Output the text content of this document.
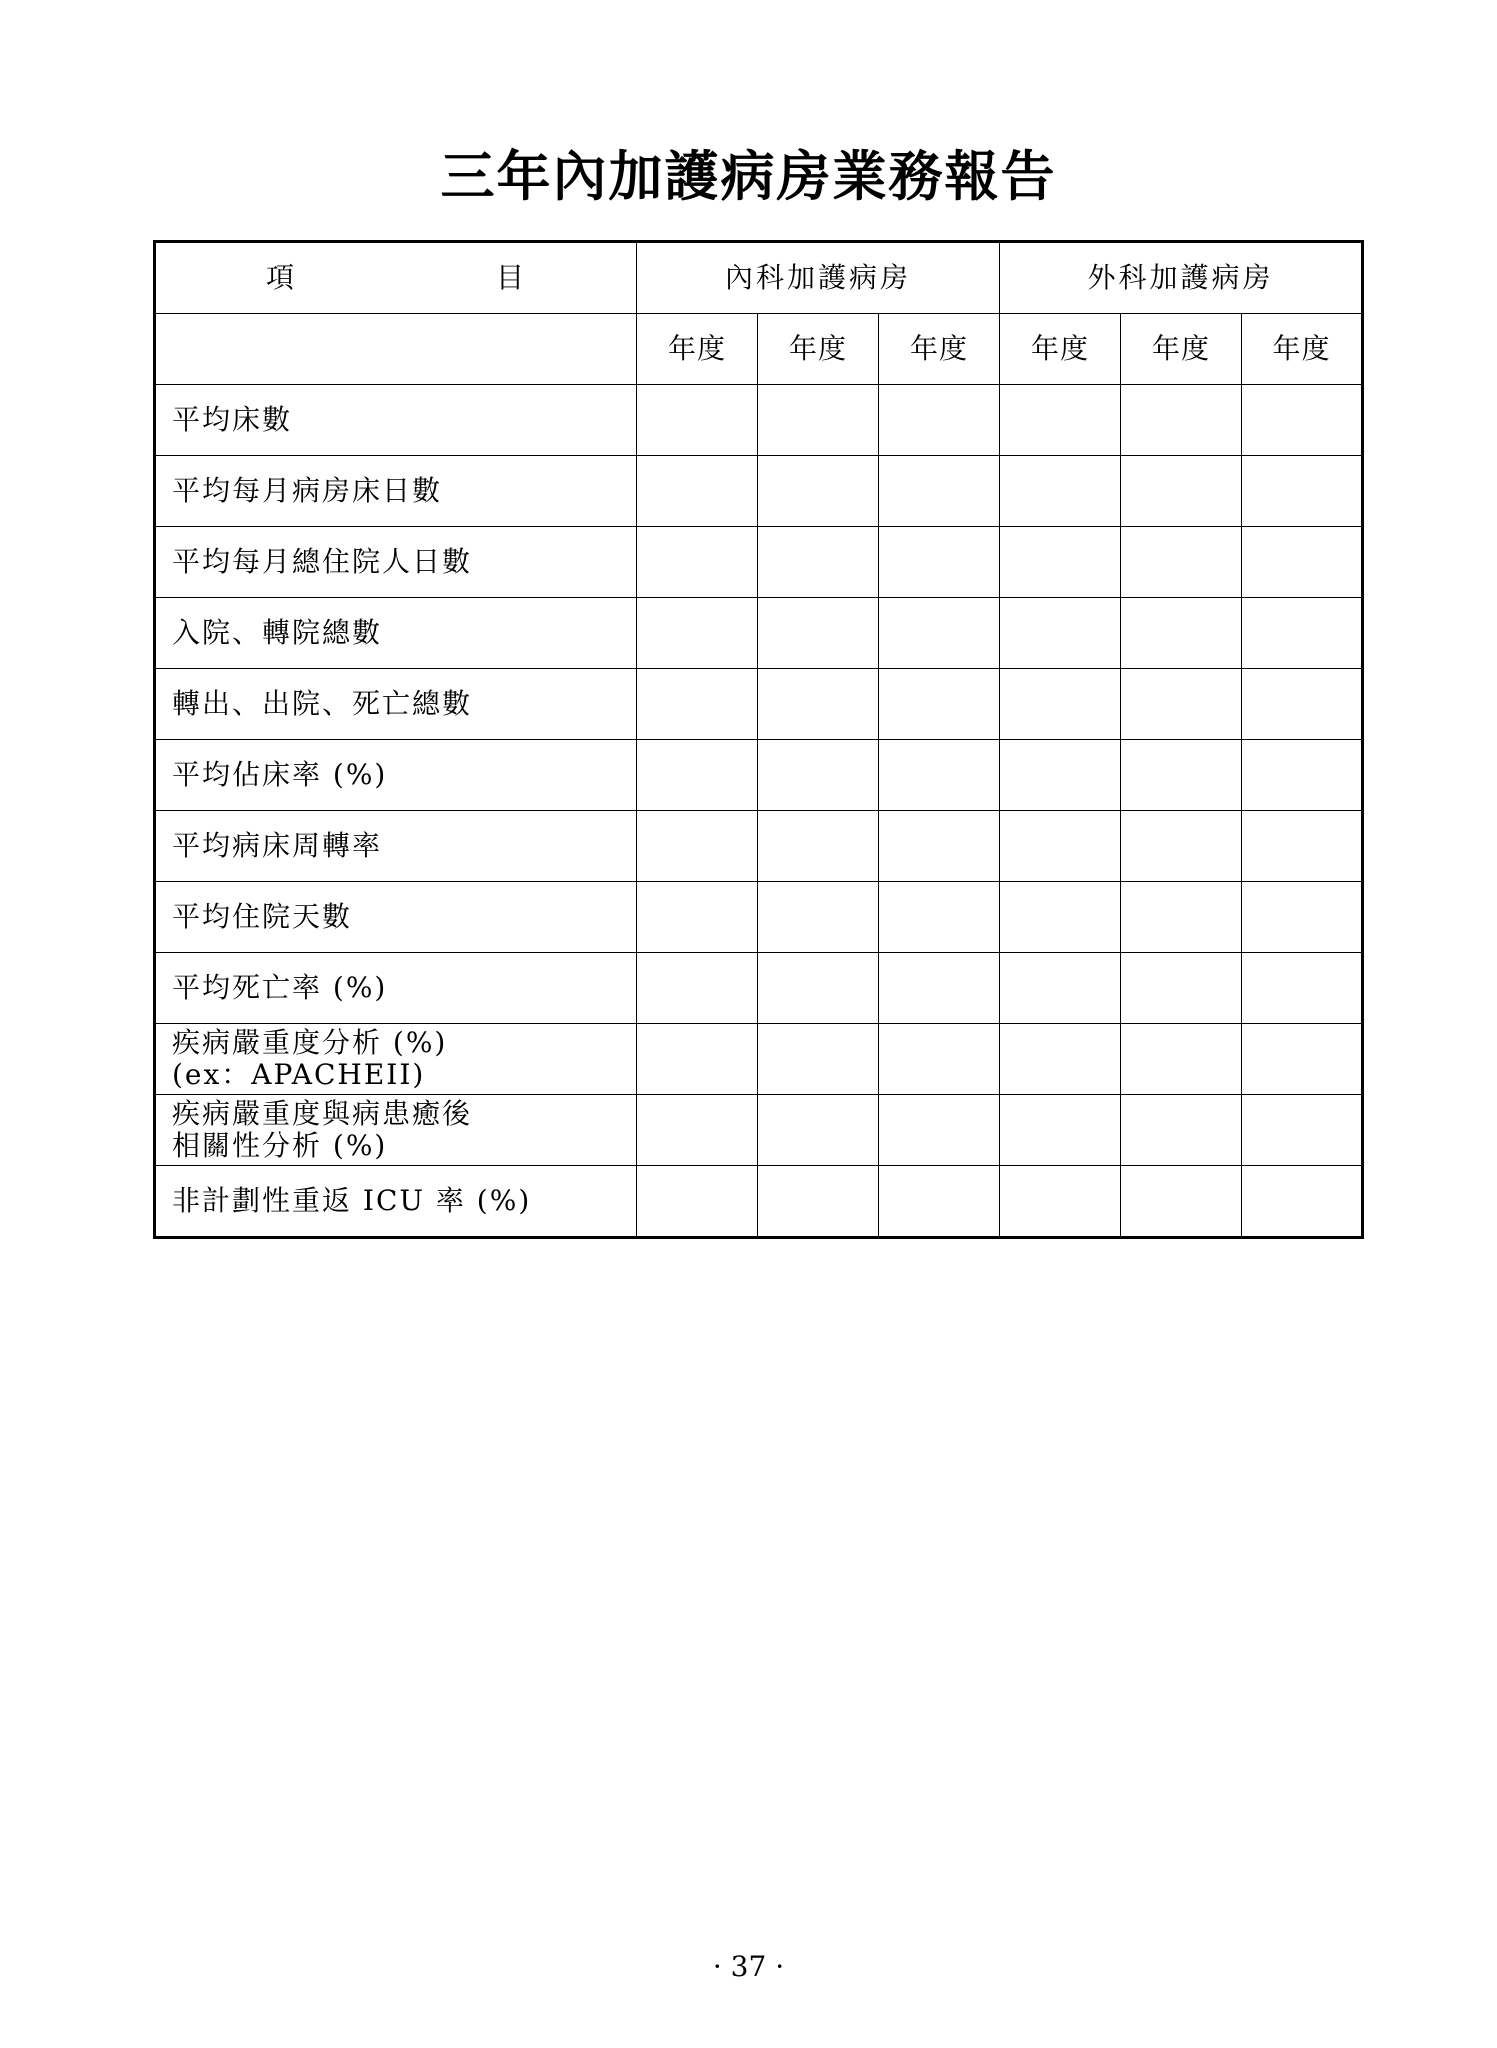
三年內加護病房業務報告
項 目	內科加護病房			外科加護病房		
	年度	年度	年度	年度	年度	年度

平均床數						

平均每月病房床日數						

平均每月總住院人日數						

入院、轉院總數						

轉出、出院、死亡總數						

平均佔床率 (%)						

平均病床周轉率						

平均住院天數						

平均死亡率 (%)						

疾病嚴重度分析 (%)
(ex：APACHEII)						

疾病嚴重度與病患癒後
相關性分析 (%)						

非計劃性重返 ICU 率 (%)						

· 37 ·
